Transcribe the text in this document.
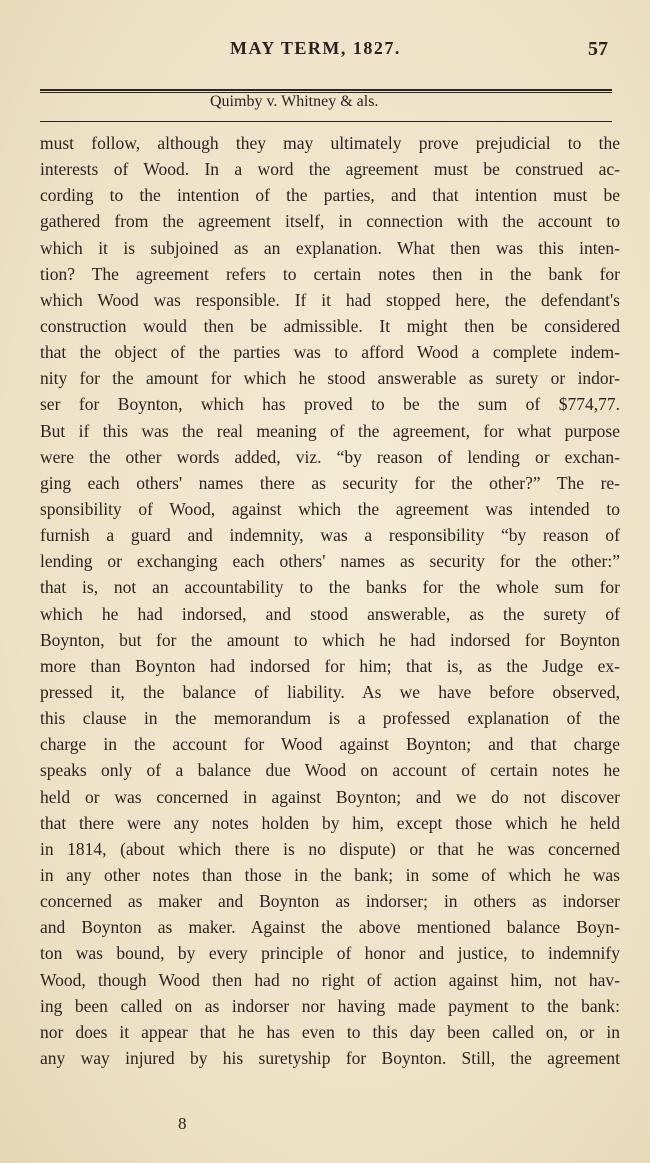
MAY TERM, 1827.	57
Quimby v. Whitney & als.
must follow, although they may ultimately prove prejudicial to the
interests of Wood. In a word the agreement must be construed ac-
cording to the intention of the parties, and that intention must be
gathered from the agreement itself, in connection with the account to
which it is subjoined as an explanation. What then was this inten-
tion? The agreement refers to certain notes then in the bank for
which Wood was responsible. If it had stopped here, the defendant's
construction would then be admissible. It might then be considered
that the object of the parties was to afford Wood a complete indem-
nity for the amount for which he stood answerable as surety or indor-
ser for Boynton, which has proved to be the sum of $774,77.
But if this was the real meaning of the agreement, for what purpose
were the other words added, viz. “by reason of lending or exchan-
ging each others' names there as security for the other?” The re-
sponsibility of Wood, against which the agreement was intended to
furnish a guard and indemnity, was a responsibility “by reason of
lending or exchanging each others' names as security for the other:”
that is, not an accountability to the banks for the whole sum for
which he had indorsed, and stood answerable, as the surety of
Boynton, but for the amount to which he had indorsed for Boynton
more than Boynton had indorsed for him; that is, as the Judge ex-
pressed it, the balance of liability. As we have before observed,
this clause in the memorandum is a professed explanation of the
charge in the account for Wood against Boynton; and that charge
speaks only of a balance due Wood on account of certain notes he
held or was concerned in against Boynton; and we do not discover
that there were any notes holden by him, except those which he held
in 1814, (about which there is no dispute) or that he was concerned
in any other notes than those in the bank; in some of which he was
concerned as maker and Boynton as indorser; in others as indorser
and Boynton as maker. Against the above mentioned balance Boyn-
ton was bound, by every principle of honor and justice, to indemnify
Wood, though Wood then had no right of action against him, not hav-
ing been called on as indorser nor having made payment to the bank:
nor does it appear that he has even to this day been called on, or in
any way injured by his suretyship for Boynton. Still, the agreement
8
